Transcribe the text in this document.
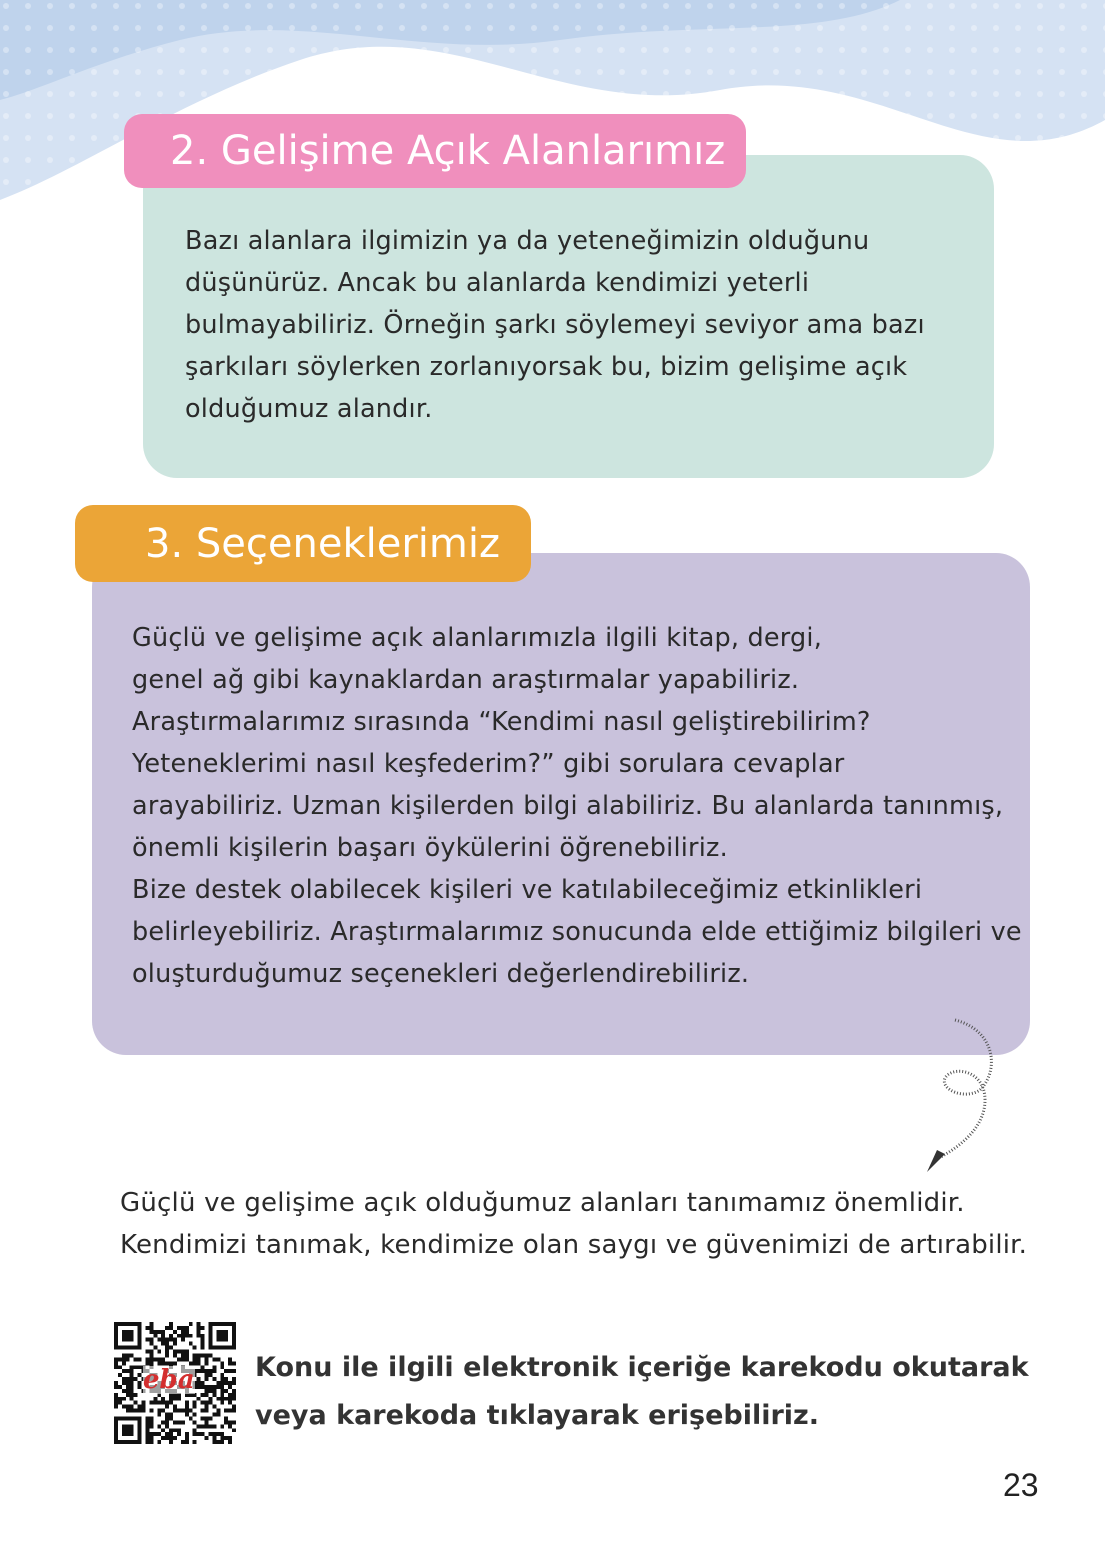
2. Gelişime Açık Alanlarımız
Bazı alanlara ilgimizin ya da yeteneğimizin olduğunu
düşünürüz. Ancak bu alanlarda kendimizi yeterli
bulmayabiliriz. Örneğin şarkı söylemeyi seviyor ama bazı
şarkıları söylerken zorlanıyorsak bu, bizim gelişime açık
olduğumuz alandır.
3. Seçeneklerimiz
Güçlü ve gelişime açık alanlarımızla ilgili kitap, dergi,
genel ağ gibi kaynaklardan araştırmalar yapabiliriz.
Araştırmalarımız sırasında “Kendimi nasıl geliştirebilirim?
Yeteneklerimi nasıl keşfederim?” gibi sorulara cevaplar
arayabiliriz. Uzman kişilerden bilgi alabiliriz. Bu alanlarda tanınmış,
önemli kişilerin başarı öykülerini öğrenebiliriz.
Bize destek olabilecek kişileri ve katılabileceğimiz etkinlikleri
belirleyebiliriz. Araştırmalarımız sonucunda elde ettiğimiz bilgileri ve
oluşturduğumuz seçenekleri değerlendirebiliriz.
Güçlü ve gelişime açık olduğumuz alanları tanımamız önemlidir.
Kendimizi tanımak, kendimize olan saygı ve güvenimizi de artırabilir.
eba Konu ile ilgili elektronik içeriğe karekodu okutarak
veya karekoda tıklayarak erişebiliriz.
23
